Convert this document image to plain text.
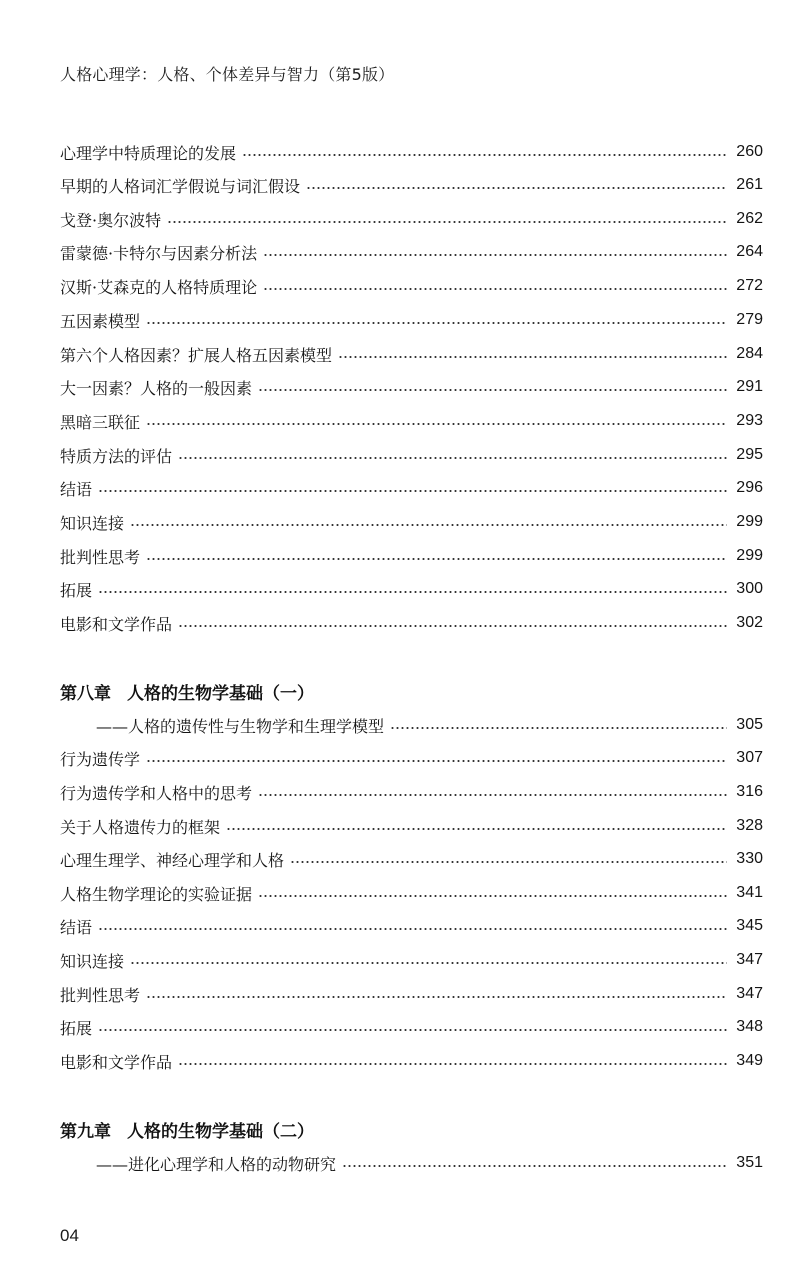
人格心理学：人格、个体差异与智力（第5版）
心理学中特质理论的发展	260
早期的人格词汇学假说与词汇假设	261
戈登·奥尔波特	262
雷蒙德·卡特尔与因素分析法	264
汉斯·艾森克的人格特质理论	272
五因素模型	279
第六个人格因素？扩展人格五因素模型	284
大一因素？人格的一般因素	291
黑暗三联征	293
特质方法的评估	295
结语	296
知识连接	299
批判性思考	299
拓展	300
电影和文学作品	302
第八章 人格的生物学基础（一）
——人格的遗传性与生物学和生理学模型	305
行为遗传学	307
行为遗传学和人格中的思考	316
关于人格遗传力的框架	328
心理生理学、神经心理学和人格	330
人格生物学理论的实验证据	341
结语	345
知识连接	347
批判性思考	347
拓展	348
电影和文学作品	349
第九章 人格的生物学基础（二）
——进化心理学和人格的动物研究	351
04
